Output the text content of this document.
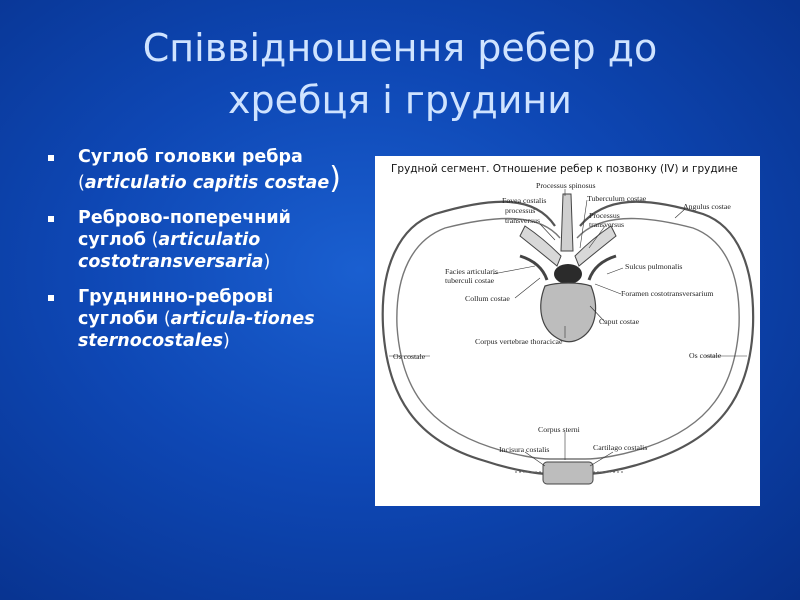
Співвідношення ребер до
хребця і грудини
Суглоб головки ребра (articulatio capitis costae)
Реброво-поперечний суглоб (articulatio costotransversaria)
Груднинно-реброві суглоби (articula-tiones sternocostales)
Грудной сегмент. Отношение ребер к позвонку (IV) и грудине
Processus spinosus
Fovea costalis
processus
transversus
Tuberculum costae
Processus
transversus
Angulus costae
Facies articularis
tuberculi costae
Sulcus pulmonalis
Collum costae
Foramen costotransversarium
Caput costae
Corpus vertebrae thoracicae
Os costale	Os costale
Corpus sterni
Incisura costalis	Cartilago costalis
